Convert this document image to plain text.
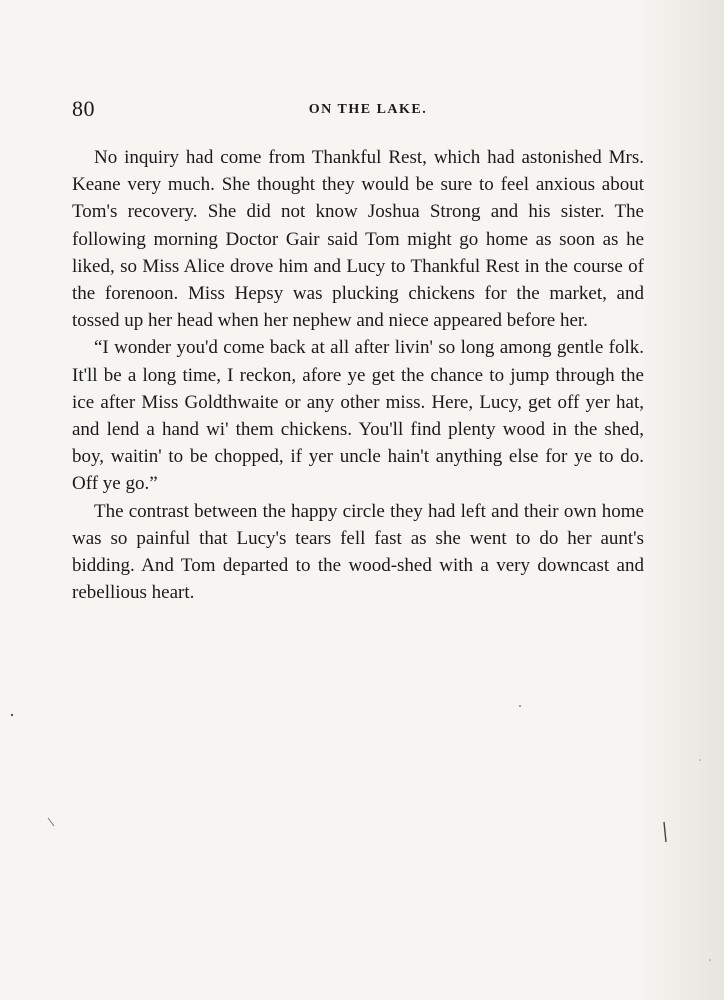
80	ON THE LAKE.

No inquiry had come from Thankful Rest, which had astonished Mrs. Keane very much. She thought they would be sure to feel anxious about Tom's recovery. She did not know Joshua Strong and his sister. The following morning Doctor Gair said Tom might go home as soon as he liked, so Miss Alice drove him and Lucy to Thankful Rest in the course of the forenoon. Miss Hepsy was plucking chickens for the market, and tossed up her head when her nephew and niece appeared before her.

“I wonder you'd come back at all after livin' so long among gentle folk. It'll be a long time, I reckon, afore ye get the chance to jump through the ice after Miss Goldthwaite or any other miss. Here, Lucy, get off yer hat, and lend a hand wi' them chickens. You'll find plenty wood in the shed, boy, waitin' to be chopped, if yer uncle hain't anything else for ye to do. Off ye go.”

The contrast between the happy circle they had left and their own home was so painful that Lucy's tears fell fast as she went to do her aunt's bidding. And Tom departed to the wood-shed with a very downcast and rebellious heart.
